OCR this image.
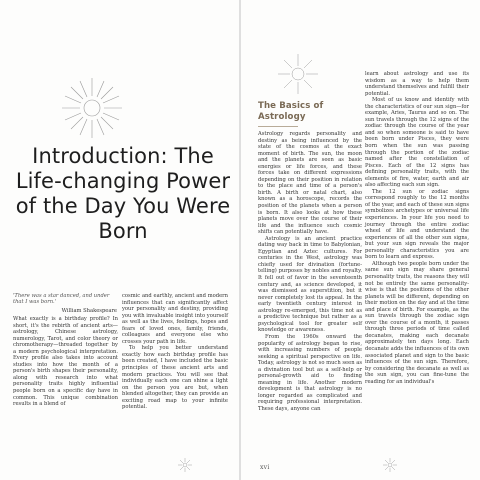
Introduction: The Life-changing Power of the Day You Were Born

'There was a star danced, and under that I was born.'

William Shakespeare

What exactly is a birthday profile? In short, it's the rebirth of ancient arts—astrology, Chinese astrology, numerology, Tarot, and color theory or chromotherapy—threaded together by a modern psychological interpretation. Every profile also takes into account studies into how the month of a person's birth shapes their personality, along with research into what personality traits highly influential people born on a specific day have in common. This unique combination results in a blend of

cosmic and earthly, ancient and modern influences that can significantly affect your personality and destiny, providing you with invaluable insight into yourself as well as the lives, feelings, hopes and fears of loved ones, family, friends, colleagues and everyone else who crosses your path in life.

To help you better understand exactly how each birthday profile has been created, I have included the basic principles of these ancient arts and modern practices. You will see that individually each one can shine a light on the person you are but, when blended altogether, they can provide an exciting road map to your infinite potential.

The Basics of Astrology

Astrology regards personality and destiny as being influenced by the state of the cosmos at the exact moment of birth. The sun, the moon and the planets are seen as basic energies or life forces, and these forces take on different expressions depending on their position in relation to the place and time of a person's birth. A birth or natal chart, also known as a horoscope, records the position of the planets when a person is born. It also looks at how these planets move over the course of their life and the influence such cosmic shifts can potentially have.

Astrology is an ancient practice dating way back in time to Babylonian, Egyptian and Aztec cultures. For centuries in the West, astrology was chiefly used for divination (fortune-telling) purposes by nobles and royalty. It fell out of favor in the seventeenth century and, as science developed, it was dismissed as superstition, but it never completely lost its appeal. In the early twentieth century interest in astrology re-emerged, this time not as a predictive technique but rather as a psychological tool for greater self knowledge or awareness.

From the 1960s onward the popularity of astrology began to rise, with increasing numbers of people seeking a spiritual perspective on life. Today, astrology is not so much seen as a divination tool but as a self-help or personal-growth aid to finding meaning in life. Another modern development is that astrology is no longer regarded as complicated and requiring professional interpretation. These days, anyone can

learn about astrology and use its wisdom as a way to help them understand themselves and fulfill their potential.

Most of us know and identify with the characteristics of our sun sign—for example, Aries, Taurus and so on. The sun travels through the 12 signs of the zodiac through the course of the year and so when someone is said to have been born under Pisces, they were born when the sun was passing through the portion of the zodiac named after the constellation of Pisces. Each of the 12 signs has defining personality traits, with the elements of fire, water, earth and air also affecting each sun sign.

The 12 sun or zodiac signs correspond roughly to the 12 months of the year, and each of these sun signs symbolizes archetypes or universal life experiences. In your life you need to journey through the entire zodiac wheel of life and understand the experiences of all the other sun signs, but your sun sign reveals the major personality characteristics you are born to learn and express.

Although two people born under the same sun sign may share general personality traits, the reasons they will not be entirely the same personality-wise is that the positions of the other planets will be different, depending on their motion on the day and at the time and place of birth. For example, as the sun travels through the zodiac sign over the course of a month, it passes through three periods of time called decanates, making each decanate approximately ten days long. Each decanate adds the influences of its own associated planet and sign to the basic influences of the sun sign. Therefore, by considering the decanate as well as the sun sign, you can fine-tune the reading for an individual's

xvi
